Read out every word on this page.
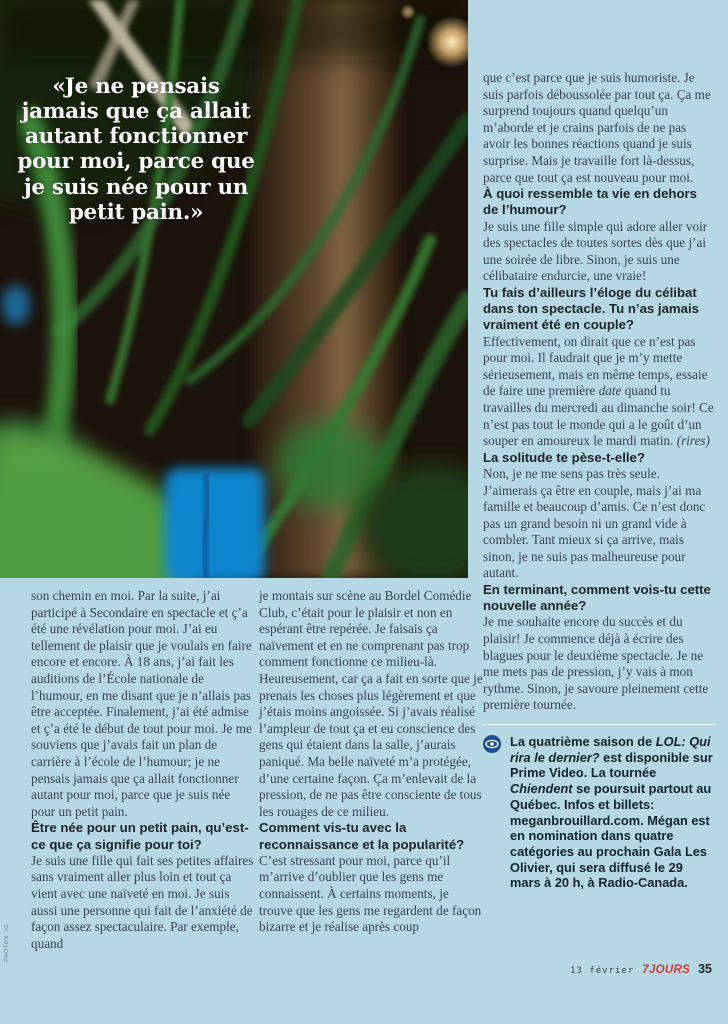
«Je ne pensais jamais que ça allait autant fonctionner pour moi, parce que je suis née pour un petit pain.»

son chemin en moi. Par la suite, j’ai participé à Secondaire en spectacle et ç’a été une révélation pour moi. J’ai eu tellement de plaisir que je voulais en faire encore et encore. À 18 ans, j’ai fait les auditions de l’École nationale de l’humour, en me disant que je n’allais pas être acceptée. Finalement, j’ai été admise et ç’a été le début de tout pour moi. Je me souviens que j’avais fait un plan de carrière à l’école de l’humour; je ne pensais jamais que ça allait fonctionner autant pour moi, parce que je suis née pour un petit pain.

Être née pour un petit pain, qu’est-ce que ça signifie pour toi?

Je suis une fille qui fait ses petites affaires sans vraiment aller plus loin et tout ça vient avec une naïveté en moi. Je suis aussi une personne qui fait de l’anxiété de façon assez spectaculaire. Par exemple, quand

je montais sur scène au Bordel Comédie Club, c’était pour le plaisir et non en espérant être repérée. Je faisais ça naïvement et en ne comprenant pas trop comment fonctionne ce milieu-là. Heureusement, car ça a fait en sorte que je prenais les choses plus légèrement et que j’étais moins angoissée. Si j’avais réalisé l’ampleur de tout ça et eu conscience des gens qui étaient dans la salle, j’aurais paniqué. Ma belle naïveté m’a protégée, d’une certaine façon. Ça m’enlevait de la pression, de ne pas être consciente de tous les rouages de ce milieu.

Comment vis-tu avec la reconnaissance et la popularité?

C’est stressant pour moi, parce qu’il m’arrive d’oublier que les gens me connaissent. À certains moments, je trouve que les gens me regardent de façon bizarre et je réalise après coup

que c’est parce que je suis humoriste. Je suis parfois déboussolée par tout ça. Ça me surprend toujours quand quelqu’un m’aborde et je crains parfois de ne pas avoir les bonnes réactions quand je suis surprise. Mais je travaille fort là-dessus, parce que tout ça est nouveau pour moi.

À quoi ressemble ta vie en dehors de l’humour?

Je suis une fille simple qui adore aller voir des spectacles de toutes sortes dès que j’ai une soirée de libre. Sinon, je suis une célibataire endurcie, une vraie!

Tu fais d’ailleurs l’éloge du célibat dans ton spectacle. Tu n’as jamais vraiment été en couple?

Effectivement, on dirait que ce n’est pas pour moi. Il faudrait que je m’y mette sérieusement, mais en même temps, essaie de faire une première date quand tu travailles du mercredi au dimanche soir! Ce n’est pas tout le monde qui a le goût d’un souper en amoureux le mardi matin. (rires)

La solitude te pèse-t-elle?

Non, je ne me sens pas très seule. J’aimerais ça être en couple, mais j’ai ma famille et beaucoup d’amis. Ce n’est donc pas un grand besoin ni un grand vide à combler. Tant mieux si ça arrive, mais sinon, je ne suis pas malheureuse pour autant.

En terminant, comment vois-tu cette nouvelle année?

Je me souhaite encore du succès et du plaisir! Je commence déjà à écrire des blagues pour le deuxième spectacle. Je ne me mets pas de pression, j’y vais à mon rythme. Sinon, je savoure pleinement cette première tournée.

La quatrième saison de LOL: Qui rira le dernier? est disponible sur Prime Video. La tournée Chiendent se poursuit partout au Québec. Infos et billets: meganbrouillard.com. Mégan est en nomination dans quatre catégories au prochain Gala Les Olivier, qui sera diffusé le 29 mars à 20 h, à Radio-Canada.

PHOTOS: IG
13 février 7JOURS 35
